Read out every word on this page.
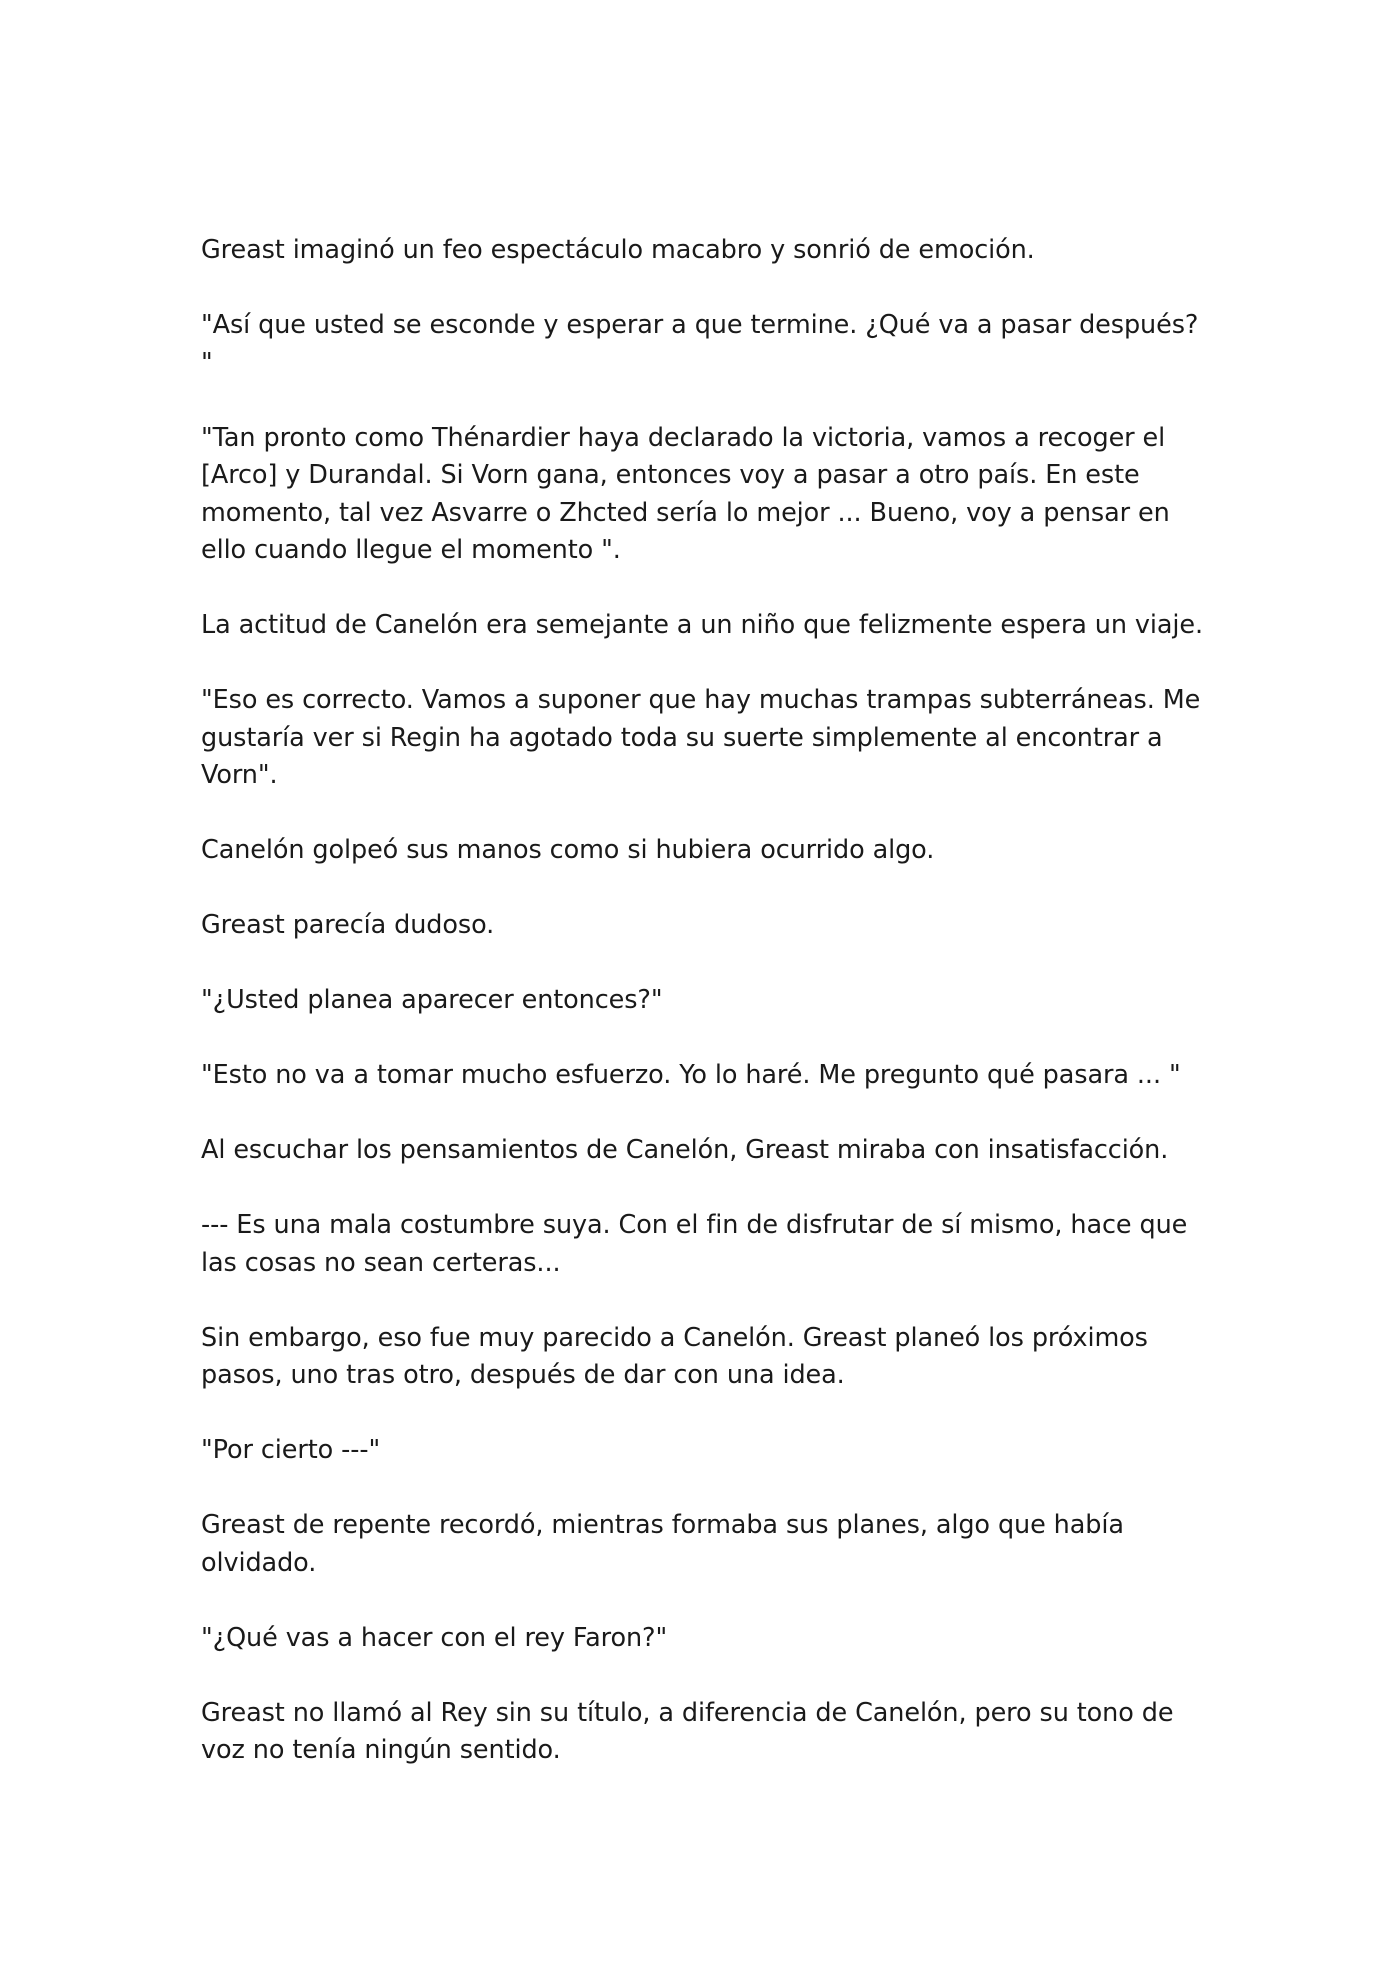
Greast imaginó un feo espectáculo macabro y sonrió de emoción.

"Así que usted se esconde y esperar a que termine. ¿Qué va a pasar después? "

"Tan pronto como Thénardier haya declarado la victoria, vamos a recoger el [Arco] y Durandal. Si Vorn gana, entonces voy a pasar a otro país. En este momento, tal vez Asvarre o Zhcted sería lo mejor ... Bueno, voy a pensar en ello cuando llegue el momento ".

La actitud de Canelón era semejante a un niño que felizmente espera un viaje.

"Eso es correcto. Vamos a suponer que hay muchas trampas subterráneas. Me gustaría ver si Regin ha agotado toda su suerte simplemente al encontrar a Vorn".

Canelón golpeó sus manos como si hubiera ocurrido algo.

Greast parecía dudoso.

"¿Usted planea aparecer entonces?"

"Esto no va a tomar mucho esfuerzo. Yo lo haré. Me pregunto qué pasara ... "

Al escuchar los pensamientos de Canelón, Greast miraba con insatisfacción.

--- Es una mala costumbre suya. Con el fin de disfrutar de sí mismo, hace que las cosas no sean certeras...

Sin embargo, eso fue muy parecido a Canelón. Greast planeó los próximos pasos, uno tras otro, después de dar con una idea.

"Por cierto ---"

Greast de repente recordó, mientras formaba sus planes, algo que había olvidado.

"¿Qué vas a hacer con el rey Faron?"

Greast no llamó al Rey sin su título, a diferencia de Canelón, pero su tono de voz no tenía ningún sentido.
